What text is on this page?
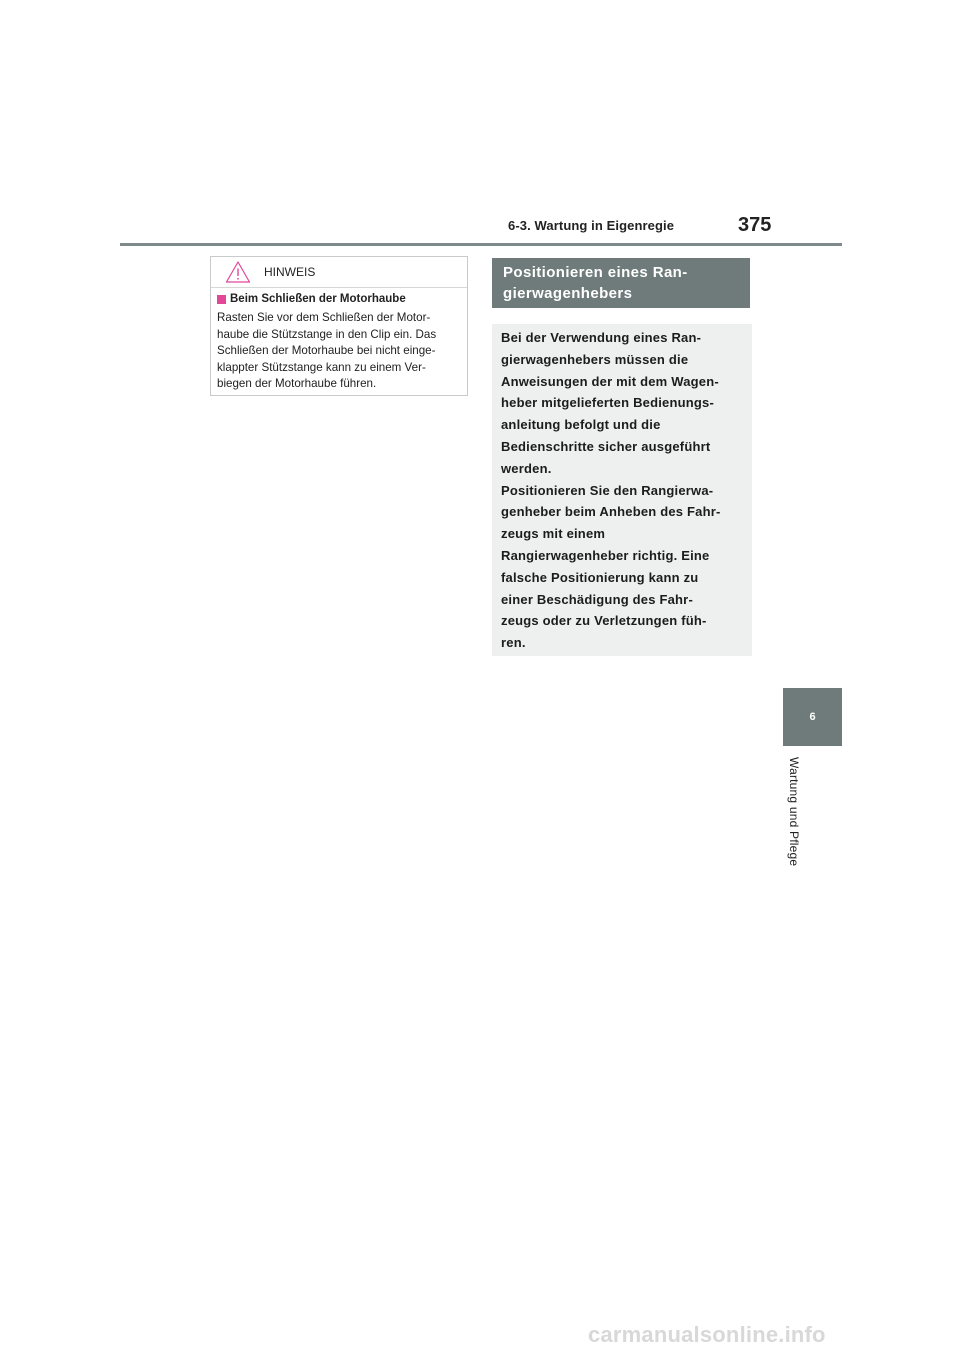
6-3. Wartung in Eigenregie	375
HINWEIS
Beim Schließen der Motorhaube
Rasten Sie vor dem Schließen der Motor-
haube die Stützstange in den Clip ein. Das
Schließen der Motorhaube bei nicht einge-
klappter Stützstange kann zu einem Ver-
biegen der Motorhaube führen.
Positionieren eines Ran-
gierwagenhebers
Bei der Verwendung eines Ran-
gierwagenhebers müssen die
Anweisungen der mit dem Wagen-
heber mitgelieferten Bedienungs-
anleitung befolgt und die
Bedienschritte sicher ausgeführt
werden.
Positionieren Sie den Rangierwa-
genheber beim Anheben des Fahr-
zeugs mit einem
Rangierwagenheber richtig. Eine
falsche Positionierung kann zu
einer Beschädigung des Fahr-
zeugs oder zu Verletzungen füh-
ren.
6
Wartung und Pflege
carmanualsonline.info
